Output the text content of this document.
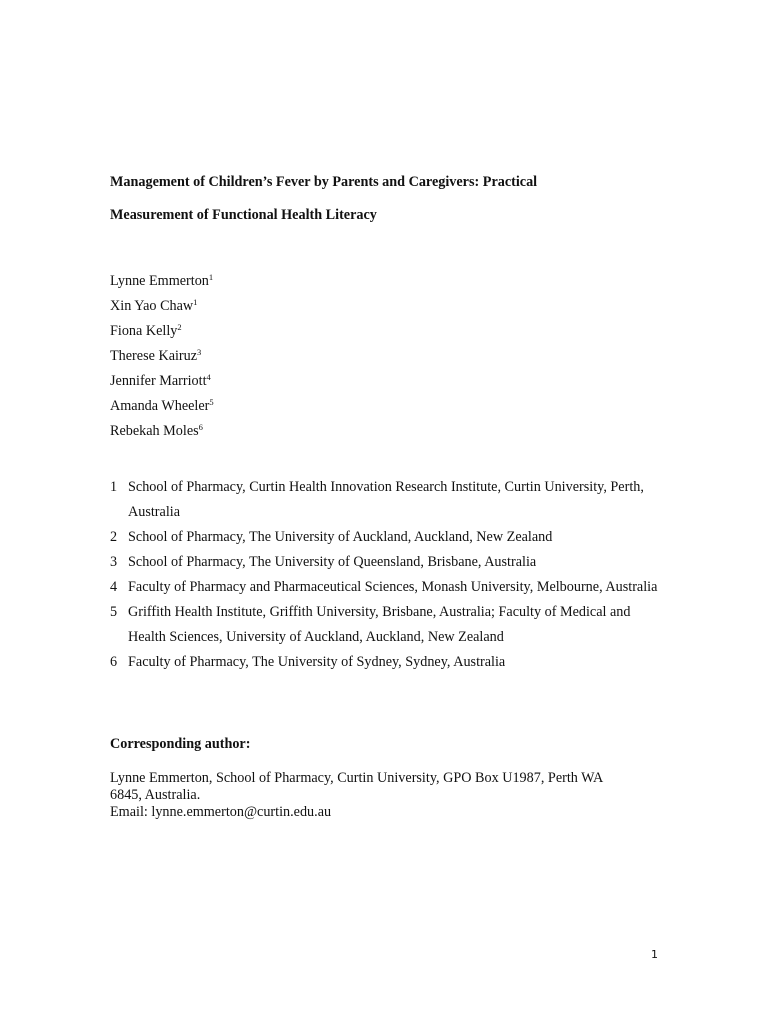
Management of Children’s Fever by Parents and Caregivers: Practical
Measurement of Functional Health Literacy
Lynne Emmerton$^1$
Xin Yao Chaw$^1$
Fiona Kelly$^2$
Therese Kairuz$^3$
Jennifer Marriott$^4$
Amanda Wheeler$^5$
Rebekah Moles$^6$
1 School of Pharmacy, Curtin Health Innovation Research Institute, Curtin University, Perth, Australia
2 School of Pharmacy, The University of Auckland, Auckland, New Zealand
3 School of Pharmacy, The University of Queensland, Brisbane, Australia
4 Faculty of Pharmacy and Pharmaceutical Sciences, Monash University, Melbourne, Australia
5 Griffith Health Institute, Griffith University, Brisbane, Australia; Faculty of Medical and Health Sciences, University of Auckland, Auckland, New Zealand
6 Faculty of Pharmacy, The University of Sydney, Sydney, Australia
Corresponding author:
Lynne Emmerton, School of Pharmacy, Curtin University, GPO Box U1987, Perth WA
6845, Australia.
Email: lynne.emmerton@curtin.edu.au
1
